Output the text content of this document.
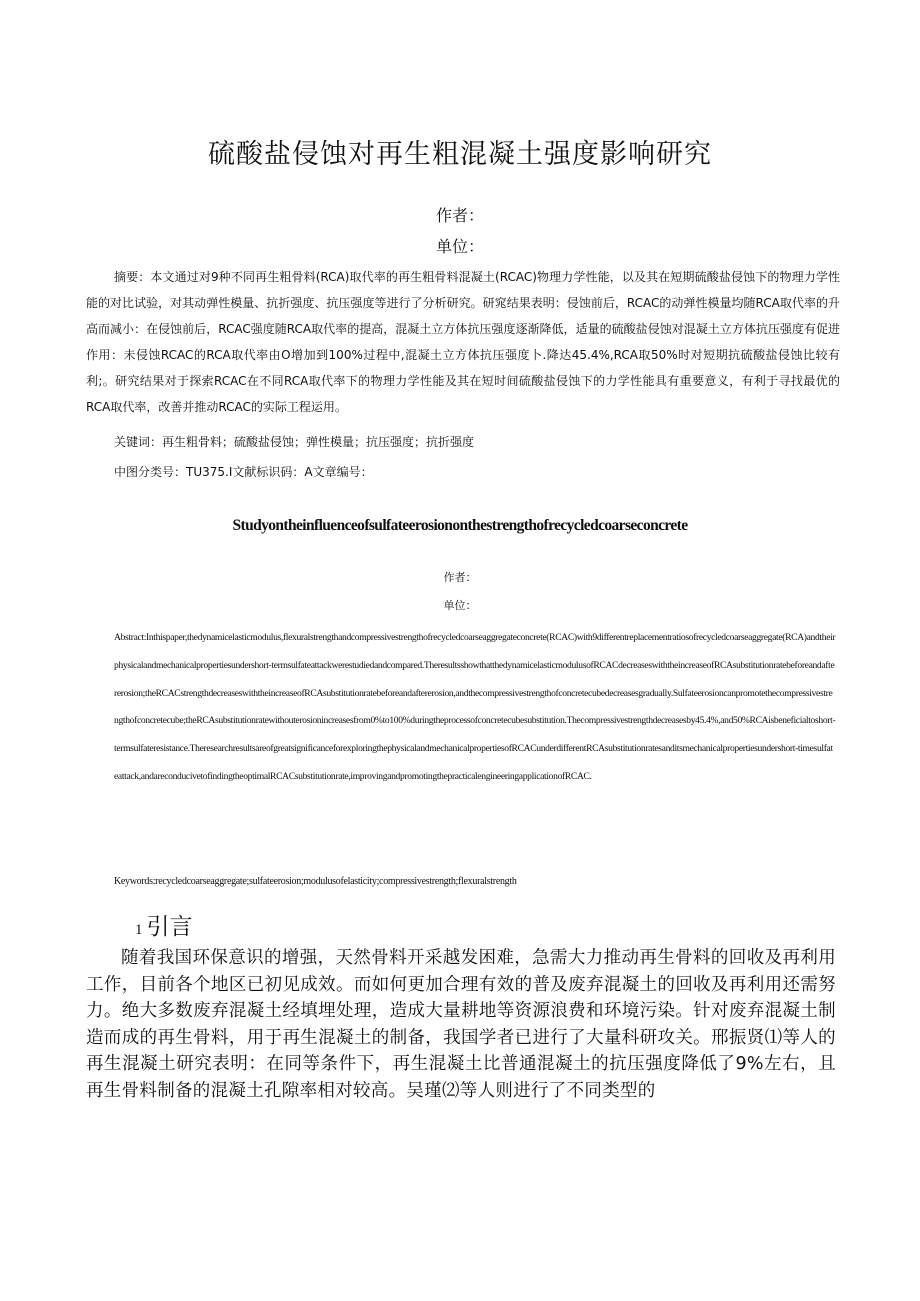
硫酸盐侵蚀对再生粗混凝土强度影响研究
作者：
单位：
摘要：本文通过对9种不同再生粗骨料(RCA)取代率的再生粗骨料混凝土(RCAC)物理力学性能，以及其在短期硫酸盐侵蚀下的物理力学性能的对比试验，对其动弹性模量、抗折强度、抗压强度等进行了分析研究。研窕结果表明：侵蚀前后，RCAC的动弹性模量均随RCA取代率的升高而减小：在侵蚀前后，RCAC强度随RCA取代率的提高，混凝土立方体抗压强度逐渐降低，适量的硫酸盐侵蚀对混凝土立方体抗压强度有促进作用：未侵蚀RCAC的RCA取代率由O增加到100%过程中,混凝土立方体抗压强度卜.降达45.4%,RCA取50%时对短期抗硫酸盐侵蚀比较有利;。研究结果对于探索RCAC在不同RCA取代率下的物理力学性能及其在短时间硫酸盐侵蚀下的力学性能具有重要意义，有利于寻找最优的RCA取代率，改善并推动RCAC的实际工程运用。
关键词：再生粗骨料；硫酸盐侵蚀；弹性模量；抗压强度；抗折强度
中图分类号：TU375.I文献标识码：A文章编号：
Studyontheinfluenceofsulfateerosiononthestrengthofrecycledcoarseconcrete
作者：
单位：
Abstract:Inthispaper,thedynamicelasticmodulus,flexuralstrengthandcompressivestrengthofrecycledcoarseaggregateconcrete(RCAC)with9differentreplacementratiosofrecycledcoarseaggregate(RCA)andtheirphysicalandmechanicalpropertiesundershort-termsulfateattackwerestudiedandcompared.TheresultsshowthatthedynamicelasticmodulusofRCACdecreaseswiththeincreaseofRCAsubstitutionratebeforeandaftererosion;theRCACstrengthdecreaseswiththeincreaseofRCAsubstitutionratebeforeandaftererosion,andthecompressivestrengthofconcretecubedecreasesgradually.Sulfateerosioncanpromotethecompressivestrengthofconcretecube;theRCAsubstitutionratewithouterosionincreasesfrom0%to100%duringtheprocessofconcretecubesubstitution.Thecompressivestrengthdecreasesby45.4%,and50%RCAisbeneficialtoshort-termsulfateresistance.TheresearchresultsareofgreatsignificanceforexploringthephysicalandmechanicalpropertiesofRCACunderdifferentRCAsubstitutionratesanditsmechanicalpropertiesundershort-timesulfateattack,andareconducivetofindingtheoptimalRCACsubstitutionrate,improvingandpromotingthepracticalengineeringapplicationofRCAC.
Keywords:recycledcoarseaggregate;sulfateerosion;modulusofelasticity;compressivestrength;flexuralstrength
1 引言
随着我国环保意识的增强，天然骨料开采越发困难，急需大力推动再生骨料的回收及再利用工作，目前各个地区已初见成效。而如何更加合理有效的普及废弃混凝土的回收及再利用还需努力。绝大多数废弃混凝土经填埋处理，造成大量耕地等资源浪费和环境污染。针对废弃混凝土制造而成的再生骨料，用于再生混凝土的制备，我国学者已进行了大量科研攻关。邢振贤⑴等人的再生混凝土研究表明：在同等条件下，再生混凝土比普通混凝土的抗压强度降低了9%左右，且再生骨料制备的混凝土孔隙率相对较高。吴瑾⑵等人则进行了不同类型的
